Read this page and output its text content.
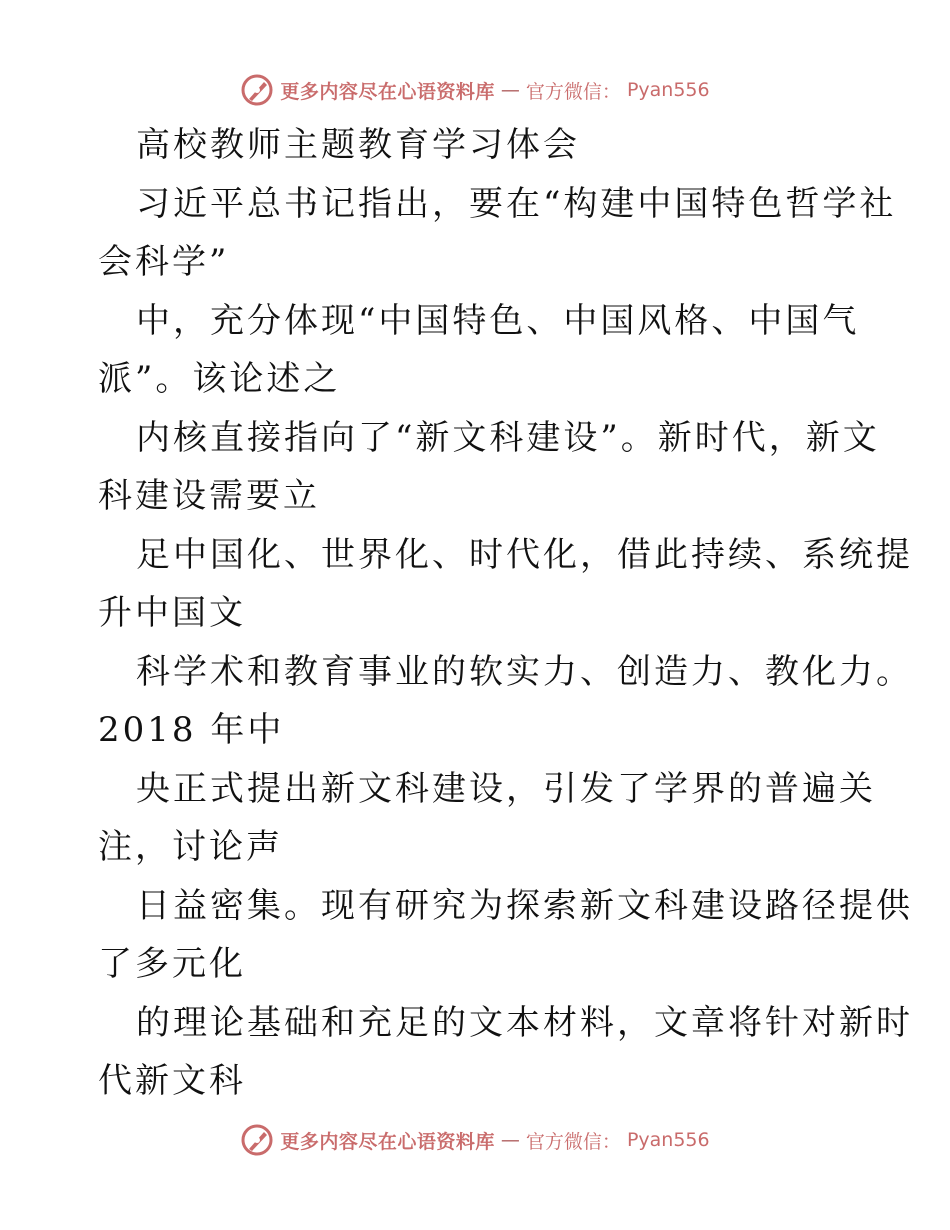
更多内容尽在心语资料库 — 官方微信： Pyan556
高校教师主题教育学习体会
习近平总书记指出，要在“构建中国特色哲学社
会科学”
中，充分体现“中国特色、中国风格、中国气
派”。该论述之
内核直接指向了“新文科建设”。新时代，新文
科建设需要立
足中国化、世界化、时代化，借此持续、系统提
升中国文
科学术和教育事业的软实力、创造力、教化力。
2018 年中
央正式提出新文科建设，引发了学界的普遍关
注，讨论声
日益密集。现有研究为探索新文科建设路径提供
了多元化
的理论基础和充足的文本材料，文章将针对新时
代新文科
更多内容尽在心语资料库 — 官方微信： Pyan556
